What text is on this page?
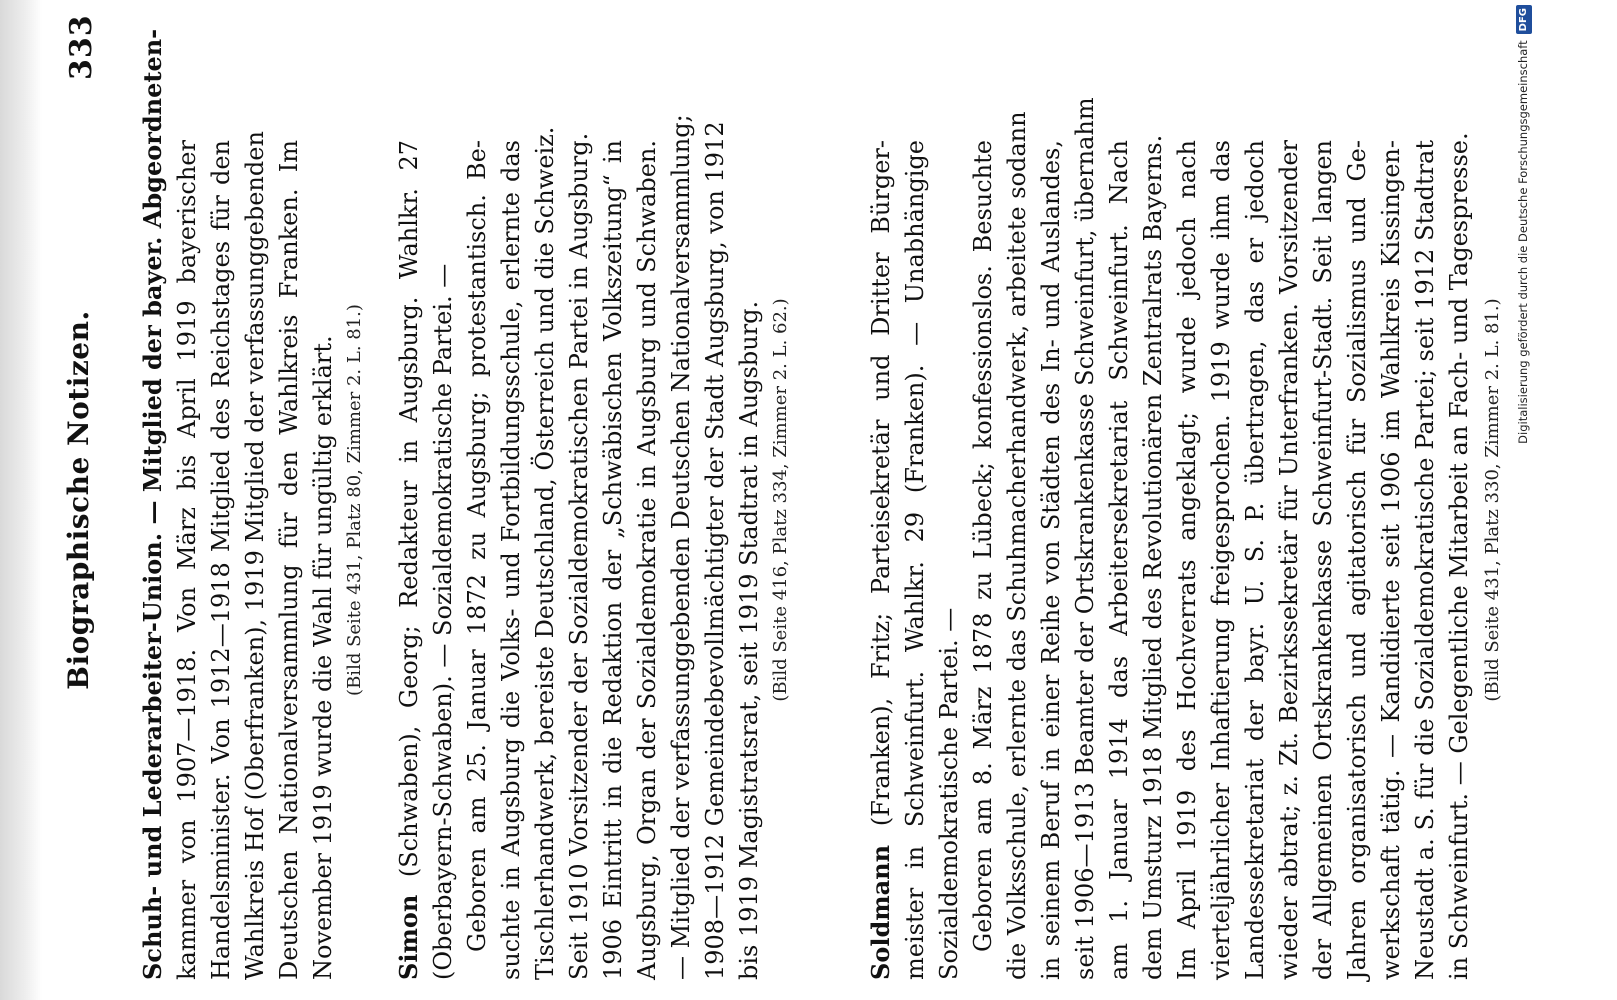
Biographische Notizen.
333 Schuh- und Lederarbeiter-Union. — Mitglied der bayer. Abgeordneten- kammer von 1907—1918. Von März bis April 1919 bayerischer Handelsminister. Von 1912—1918 Mitglied des Reichstages für den Wahlkreis Hof (Oberfranken), 1919 Mitglied der verfassunggebenden Deutschen Nationalversammlung für den Wahlkreis Franken. Im November 1919 wurde die Wahl für ungültig erklärt. (Bild Seite 431, Platz 80, Zimmer 2. L. 81.)
Simon (Schwaben), Georg; Redakteur in Augsburg. Wahlkr. 27 (Oberbayern-Schwaben). — Sozialdemokratische Partei. — Geboren am 25. Januar 1872 zu Augsburg; protestantisch. Be- suchte in Augsburg die Volks- und Fortbildungsschule, erlernte das Tischlerhandwerk, bereiste Deutschland, Österreich und die Schweiz. Seit 1910 Vorsitzender der Sozialdemokratischen Partei in Augsburg. 1906 Eintritt in die Redaktion der „Schwäbischen Volkszeitung“ in Augsburg, Organ der Sozialdemokratie in Augsburg und Schwaben. — Mitglied der verfassunggebenden Deutschen Nationalversammlung; 1908—1912 Gemeindebevollmächtigter der Stadt Augsburg, von 1912 bis 1919 Magistratsrat, seit 1919 Stadtrat in Augsburg. (Bild Seite 416, Platz 334, Zimmer 2. L. 62.)
Soldmann (Franken), Fritz; Parteisekretär und Dritter Bürger- meister in Schweinfurt. Wahlkr. 29 (Franken). — Unabhängige Sozialdemokratische Partei. — Geboren am 8. März 1878 zu Lübeck; konfessionslos. Besuchte die Volksschule, erlernte das Schuhmacherhandwerk, arbeitete sodann in seinem Beruf in einer Reihe von Städten des In- und Auslandes, seit 1906—1913 Beamter der Ortskrankenkasse Schweinfurt, übernahm am 1. Januar 1914 das Arbeitersekretariat Schweinfurt. Nach dem Umsturz 1918 Mitglied des Revolutionären Zentralrats Bayerns. Im April 1919 des Hochverrats angeklagt; wurde jedoch nach vierteljährlicher Inhaftierung freigesprochen. 1919 wurde ihm das Landessekretariat der bayr. U. S. P. übertragen, das er jedoch wieder abtrat; z. Zt. Bezirkssekretär für Unterfranken. Vorsitzender der Allgemeinen Ortskrankenkasse Schweinfurt-Stadt. Seit langen Jahren organisatorisch und agitatorisch für Sozialismus und Ge- werkschaft tätig. — Kandidierte seit 1906 im Wahlkreis Kissingen- Neustadt a. S. für die Sozialdemokratische Partei; seit 1912 Stadtrat in Schweinfurt. — Gelegentliche Mitarbeit an Fach- und Tagespresse. (Bild Seite 431, Platz 330, Zimmer 2. L. 81.)
Digitalisierung gefördert durch die Deutsche ForschungsgemeinschaftDFG
